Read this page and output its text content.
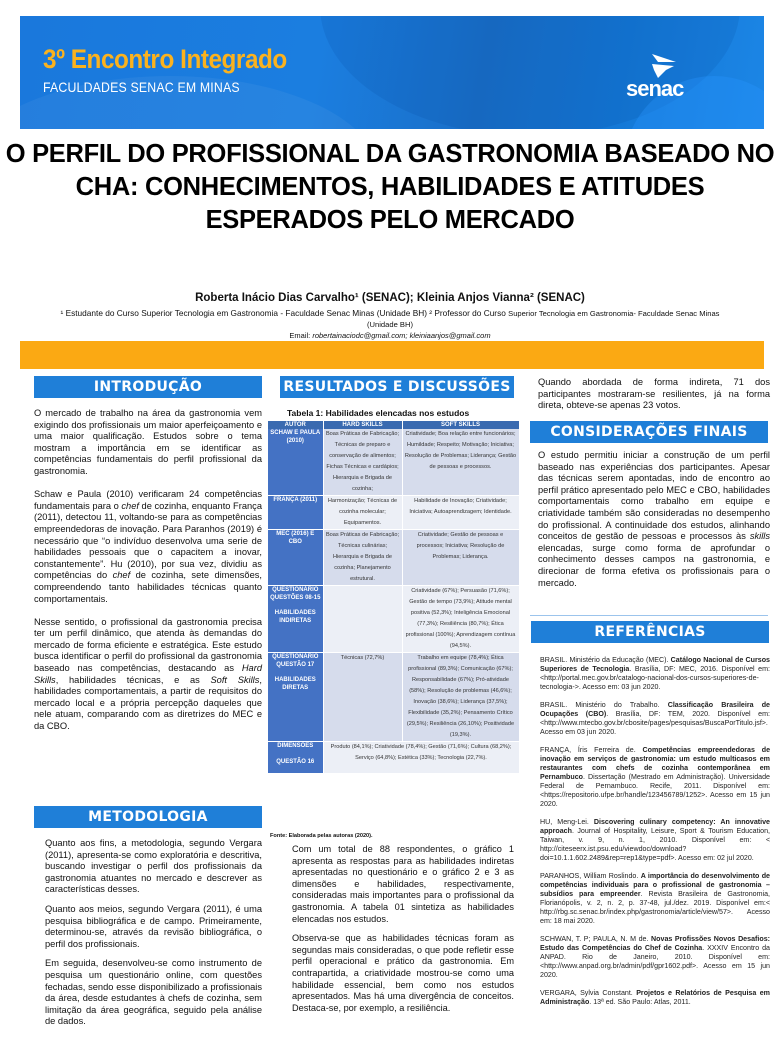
3º Encontro Integrado
FACULDADES SENAC EM MINAS	senac
O PERFIL DO PROFISSIONAL DA GASTRONOMIA BASEADO NO CHA: CONHECIMENTOS, HABILIDADES E ATITUDES ESPERADOS PELO MERCADO
Roberta Inácio Dias Carvalho¹ (SENAC); Kleinia Anjos Vianna² (SENAC)
¹ Estudante do Curso Superior Tecnologia em Gastronomia - Faculdade Senac Minas (Unidade BH) ² Professor do Curso Superior Tecnologia em Gastronomia- Faculdade Senac Minas (Unidade BH)
Email: robertainaciodc@gmail.com; kleiniaanjos@gmail.com
INTRODUÇÃO

O mercado de trabalho na área da gastronomia vem exigindo dos profissionais um maior aperfeiçoamento e uma maior qualificação. Estudos sobre o tema mostram a importância em se identificar as competências fundamentais do perfil profissional da gastronomia.

Schaw e Paula (2010) verificaram 24 competências fundamentais para o chef de cozinha, enquanto França (2011), detectou 11, voltando-se para as competências empreendedoras de inovação. Para Paranhos (2019) é necessário que “o indivíduo desenvolva uma serie de habilidades pessoais que o capacitem a inovar, constantemente”. Hu (2010), por sua vez, dividiu as competências do chef de cozinha, sete dimensões, compreendendo tanto habilidades técnicas quanto comportamentais.

Nesse sentido, o profissional da gastronomia precisa ter um perfil dinâmico, que atenda às demandas do mercado de forma eficiente e estratégica. Este estudo busca identificar o perfil do profissional da gastronomia baseado nas competências, destacando as Hard Skills, habilidades técnicas, e as Soft Skills, habilidades comportamentais, a partir de requisitos do mercado local e a própria percepção daqueles que nele atuam, comparando com as diretrizes do MEC e da CBO.

METODOLOGIA

Quanto aos fins, a metodologia, segundo Vergara (2011), apresenta-se como exploratória e descritiva, buscando investigar o perfil dos profissionais da gastronomia atuantes no mercado e descrever as características desses.

Quanto aos meios, segundo Vergara (2011), é uma pesquisa bibliográfica e de campo. Primeiramente, determinou-se, através da revisão bibliográfica, o perfil dos profissionais.

Em seguida, desenvolveu-se como instrumento de pesquisa um questionário online, com questões fechadas, sendo esse disponibilizado a profissionais da área, desde estudantes à chefs de cozinha, sem limitação da área geográfica, seguido pela análise de dados.

RESULTADOS E DISCUSSÕES
Tabela 1: Habilidades elencadas nos estudos
AUTOR	HARD SKILLS	SOFT SKILLS
SCHAW E PAULA (2010)	Boas Práticas de Fabricação; Técnicas de preparo e conservação de alimentos; Fichas Técnicas e cardápios; Hierarquia e Brigada de cozinha;	Criatividade; Boa relação entre funcionários; Humildade; Respeito; Motivação; Iniciativa; Resolução de Problemas; Liderança; Gestão de pessoas e processos.
FRANÇA (2011)	Harmonização; Técnicas de cozinha molecular; Equipamentos.	Habilidade de Inovação; Criatividade; Iniciativa; Autoaprendizagem; Identidade.
MEC (2016) E CBO	Boas Práticas de Fabricação; Técnicas culinárias; Hierarquia e Brigada de cozinha; Planejamento estrutural.	Criatividade; Gestão de pessoas e processos; Iniciativa; Resolução de Problemas; Liderança.

QUESTIONÁRIO QUESTÕES 08-15
HABILIDADES INDIRETAS		Criatividade (67%); Persuasão (71,6%); Gestão de tempo (73,9%); Atitude mental positiva (52,3%); Inteligência Emocional (77,3%); Resiliência (80,7%); Ética profissional (100%); Aprendizagem contínua (94,5%).

QUESTIONÁRIO QUESTÃO 17
HABILIDADES DIRETAS	Técnicas (72,7%)	Trabalho em equipe (78,4%); Ética profissional (89,3%); Comunicação (67%); Responsabilidade (67%); Pró-atividade (58%); Resolução de problemas (46,6%); Inovação (38,6%); Liderança (37,5%); Flexibilidade (35,2%); Pensamento Crítico (29,5%); Resiliência (26,10%); Positividade (19,3%).

DIMENSÕES
QUESTÃO 16	Produto (84,1%); Criatividade (78,4%); Gestão (71,6%); Cultura (68,2%); Serviço (64,8%); Estética (33%); Tecnologia (22,7%).	
Fonte: Elaborada pelas autoras (2020).

Com um total de 88 respondentes, o gráfico 1 apresenta as respostas para as habilidades indiretas apresentadas no questionário e o gráfico 2 e 3 as dimensões e habilidades, respectivamente, consideradas mais importantes para o profissional da gastronomia. A tabela 01 sintetiza as habilidades elencadas nos estudos.

Observa-se que as habilidades técnicas foram as segundas mais consideradas, o que pode refletir esse perfil operacional e prático da gastronomia. Em contrapartida, a criatividade mostrou-se como uma habilidade essencial, bem como nos estudos apresentados. Mas há uma divergência de conceitos. Destaca-se, por exemplo, a resiliência.

Quando abordada de forma indireta, 71 dos participantes mostraram-se resilientes, já na forma direta, obteve-se apenas 23 votos.
CONSIDERAÇÕES FINAIS

O estudo permitiu iniciar a construção de um perfil baseado nas experiências dos participantes. Apesar das técnicas serem apontadas, indo de encontro ao perfil prático apresentado pelo MEC e CBO, habilidades comportamentais como trabalho em equipe e criatividade também são consideradas no desempenho do profissional. A continuidade dos estudos, alinhando conceitos de gestão de pessoas e processos às skills elencadas, surge como forma de aprofundar o conhecimento desses campos na gastronomia, e direcionar de forma efetiva os profissionais para o mercado.

REFERÊNCIAS

BRASIL. Ministério da Educação (MEC). Catálogo Nacional de Cursos Superiores de Tecnologia. Brasília, DF: MEC, 2016. Disponível em: <http://portal.mec.gov.br/catalogo-nacional-dos-cursos-superiores-de-tecnologia->. Acesso em: 03 jun 2020.

BRASIL. Ministério do Trabalho. Classificação Brasileira de Ocupações (CBO). Brasília, DF: TEM, 2020. Disponível em: <http://www.mtecbo.gov.br/cbosite/pages/pesquisas/BuscaPorTitulo.jsf>. Acesso em 03 jun 2020.

FRANÇA, Íris Ferreira de. Competências empreendedoras de inovação em serviços de gastronomia: um estudo multicasos em restaurantes com chefs de cozinha contemporânea em Pernambuco. Dissertação (Mestrado em Administração). Universidade Federal de Pernambuco. Recife, 2011. Disponível em: <https://repositorio.ufpe.br/handle/123456789/1252>. Acesso em 15 jun 2020.

HU, Meng-Lei. Discovering culinary competency: An innovative approach. Journal of Hospitality, Leisure, Sport & Tourism Education, Taiwan, v. 9, n. 1, 2010. Disponível em: < http://citeseerx.ist.psu.edu/viewdoc/download?doi=10.1.1.602.2489&rep=rep1&type=pdf>. Acesso em: 02 jul 2020.

PARANHOS, William Roslindo. A importância do desenvolvimento de competências individuais para o profissional de gastronomia – subsídios para empreender. Revista Brasileira de Gastronomia, Florianópolis, v. 2, n. 2, p. 37-48, jul./dez. 2019. Disponível em:< http://rbg.sc.senac.br/index.php/gastronomia/article/view/57>. Acesso em: 18 mai 2020.

SCHWAN, T. P; PAULA, N. M de. Novas Profissões Novos Desafios: Estudo das Competências do Chef de Cozinha. XXXIV Encontro da ANPAD. Rio de Janeiro, 2010. Disponível em: <http://www.anpad.org.br/admin/pdf/gpr1602.pdf>. Acesso em 15 jun 2020.

VERGARA, Sylvia Constant. Projetos e Relatórios de Pesquisa em Administração. 13ª ed. São Paulo: Atlas, 2011.
